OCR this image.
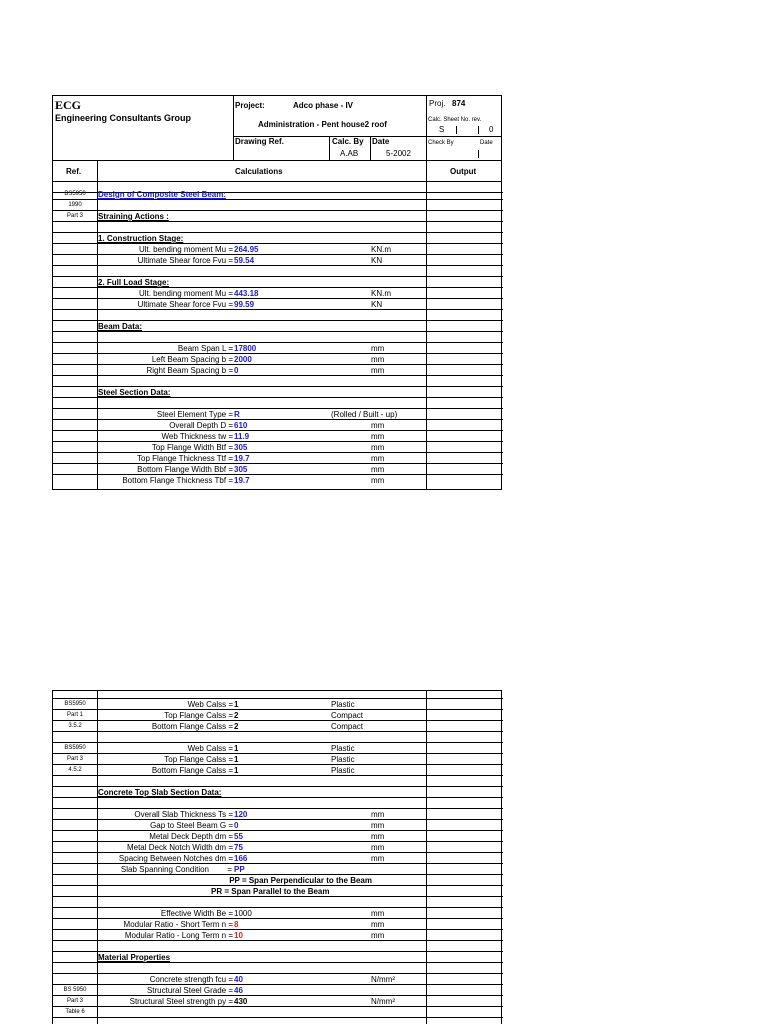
ECG
Engineering Consultants Group
Project:	Adco phase - IV
Administration - Pent house2 roof
Proj. 874
Calc. Sheet No. rev.
S	0
Drawing Ref.	Calc. By Date
A.AB	5-2002
Check By	Date
Ref.	Calculations	Output
BS5950	Design of Composite Steel Beam:
1990
Part 3	Straining Actions :
1. Construction Stage:
Ult. bending moment Mu = 264.95	KN.m
Ultimate Shear force Fvu = 59.54	KN
2. Full Load Stage:
Ult. bending moment Mu = 443.18	KN.m
Ultimate Shear force Fvu = 99.59	KN
Beam Data:
Beam Span L = 17800	mm
Left Beam Spacing b = 2000	mm
Right Beam Spacing b = 0	mm
Steel Section Data:
Steel Element Type = R	(Rolled / Built - up)
Overall Depth D = 610	mm
Web Thickness tw = 11.9	mm
Top Flange Width Btf = 305	mm
Top Flange Thickness Ttf = 19.7	mm
Bottom Flange Width Bbf = 305	mm
Bottom Flange Thickness Tbf = 19.7	mm
BS5950	Web Calss = 1	Plastic
Part 1	Top Flange Calss = 2	Compact
3.5.2	Bottom Flange Calss = 2	Compact
BS5950	Web Calss = 1	Plastic
Part 3	Top Flange Calss = 1	Plastic
4.5.2	Bottom Flange Calss = 1	Plastic
Concrete Top Slab Section Data:
Overall Slab Thickness Ts = 120	mm
Gap to Steel Beam G = 0	mm
Metal Deck Depth dm = 55	mm
Metal Deck Notch Width dm = 75	mm
Spacing Between Notches dm = 166	mm
Slab Spanning Condition = PP
PP = Span Perpendicular to the Beam
PR = Span Parallel to the Beam
Effective Width Be = 1000	mm
Modular Ratio - Short Term n = 8	mm
Modular Ratio - Long Term n = 10	mm
Material Properties
Concrete strength fcu = 40	N/mm²
BS 5950	Structural Steel Grade = 46
Part 3	Structural Steel strength py = 430	N/mm²
Table 6
